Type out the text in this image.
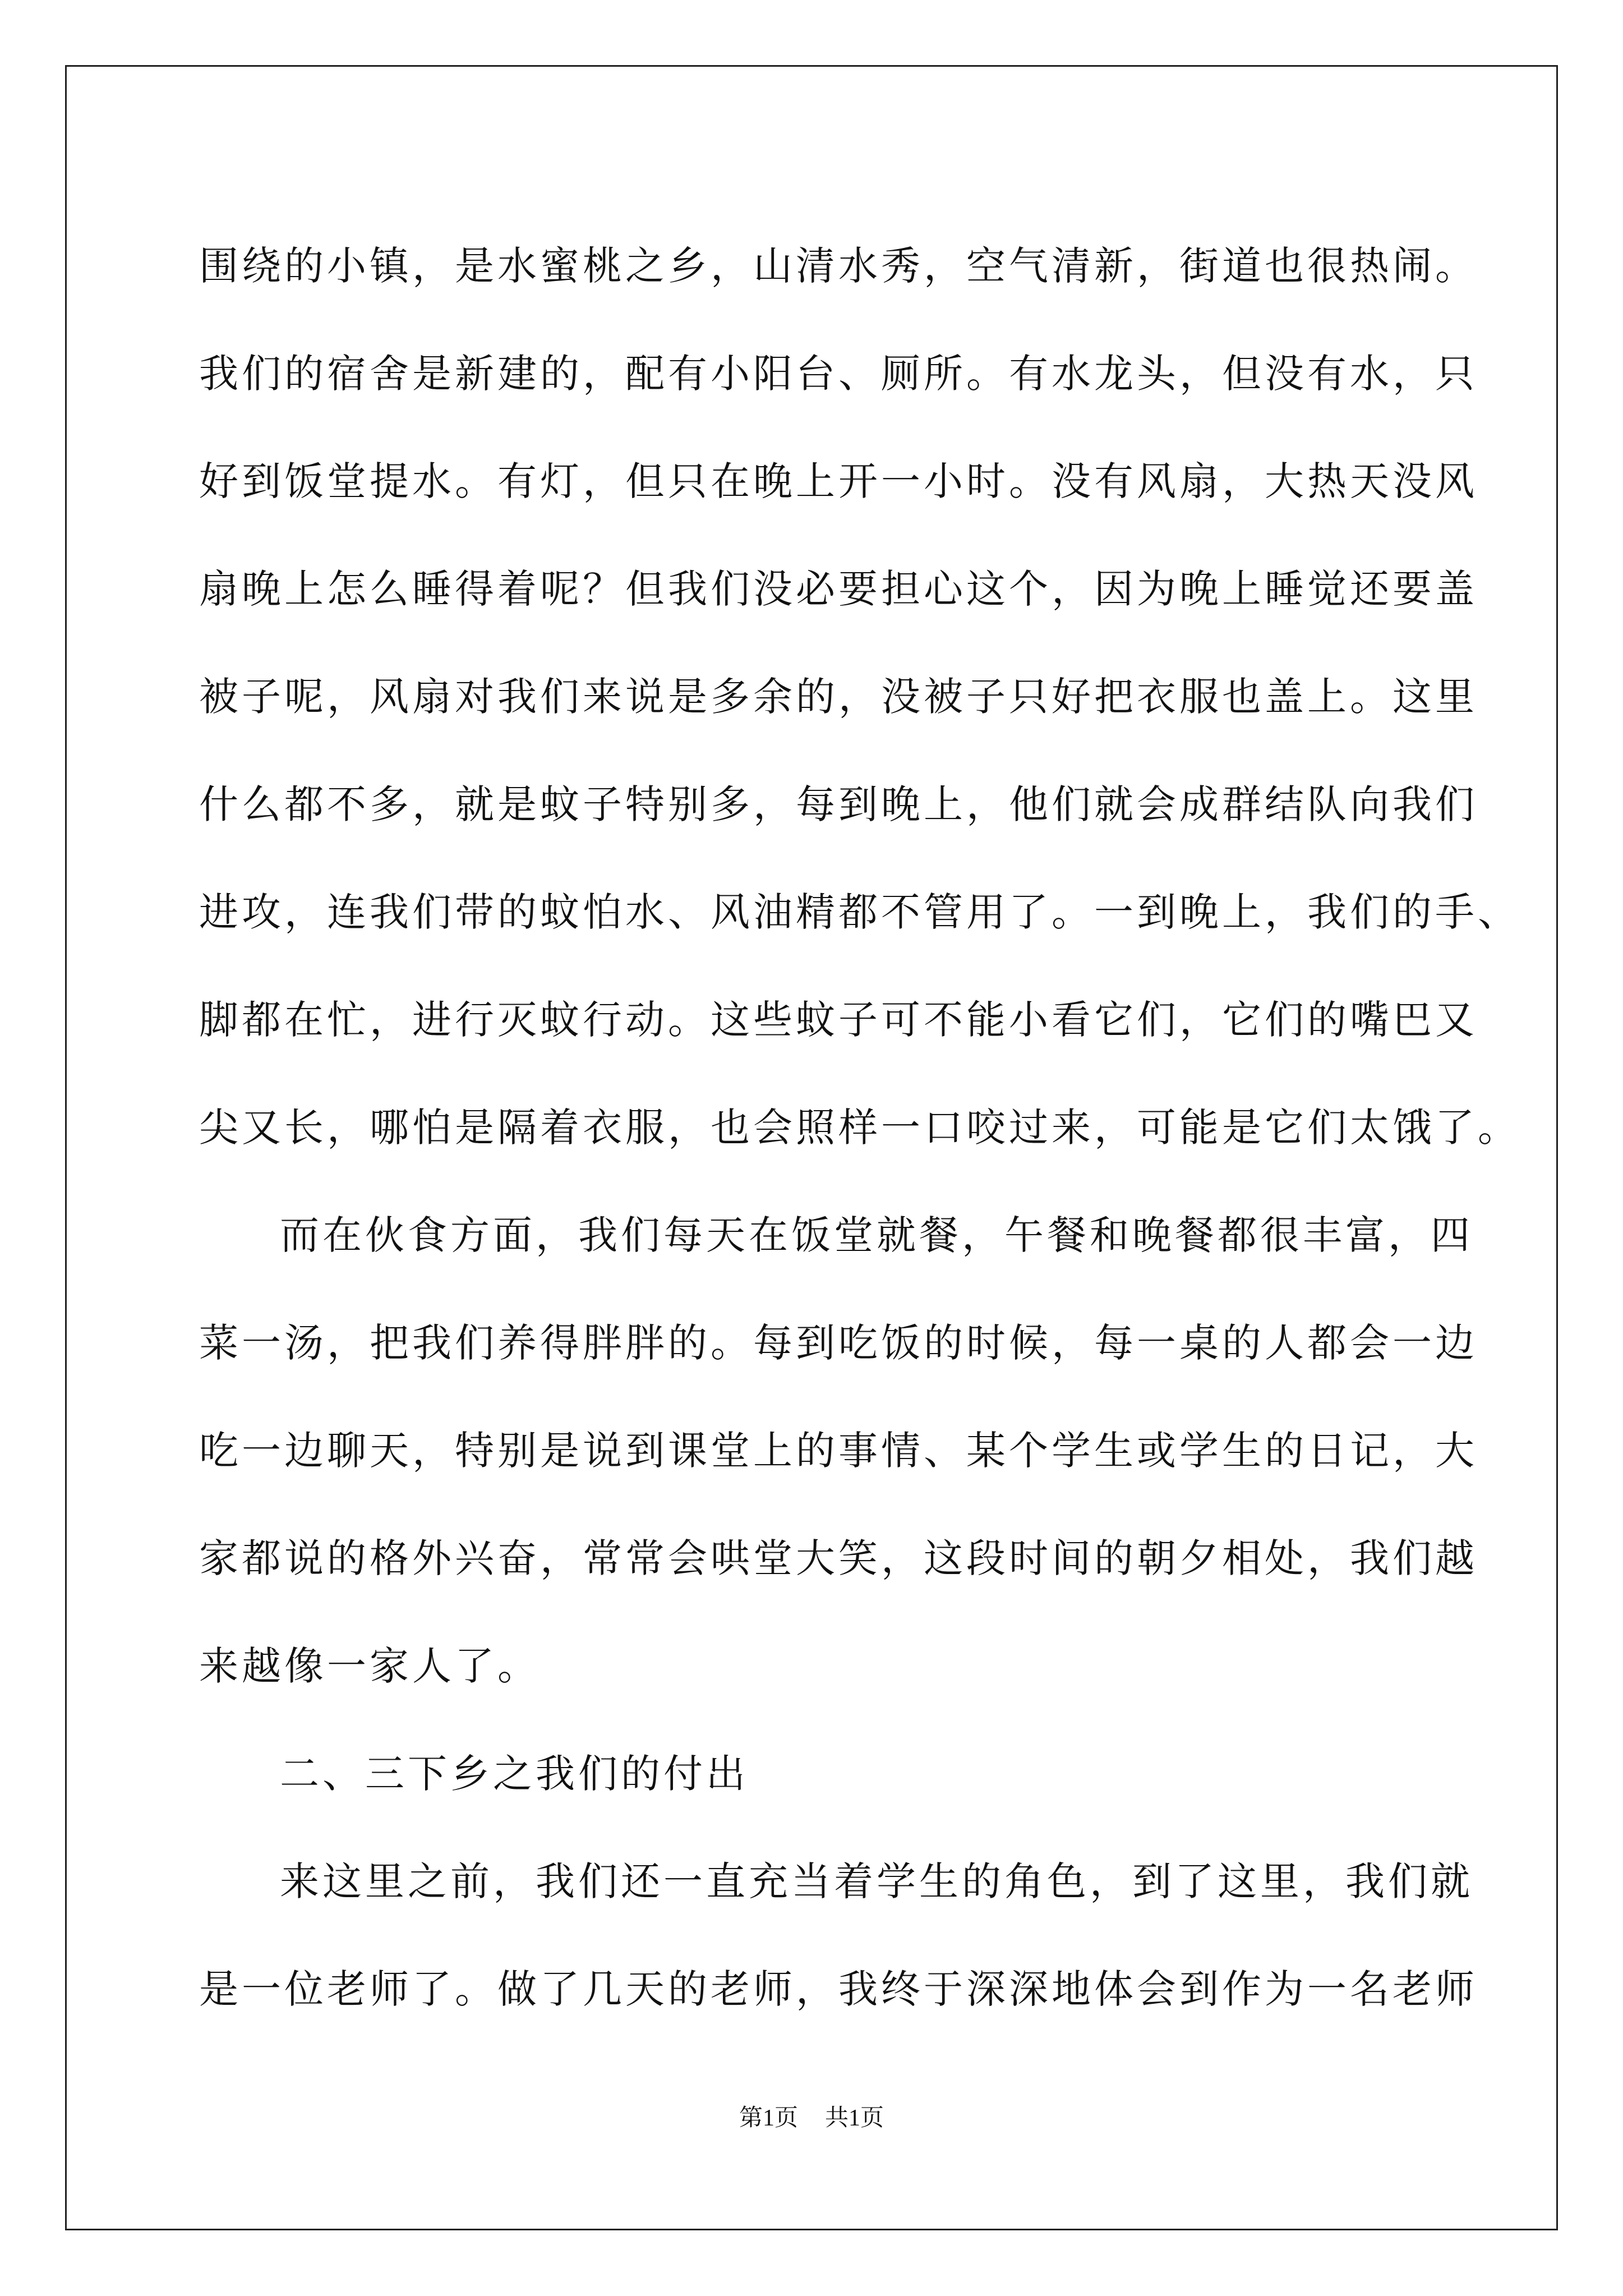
围绕的小镇，是水蜜桃之乡，山清水秀，空气清新，街道也很热闹。
我们的宿舍是新建的，配有小阳台、厕所。有水龙头，但没有水，只
好到饭堂提水。有灯，但只在晚上开一小时。没有风扇，大热天没风
扇晚上怎么睡得着呢？但我们没必要担心这个，因为晚上睡觉还要盖
被子呢，风扇对我们来说是多余的，没被子只好把衣服也盖上。这里
什么都不多，就是蚊子特别多，每到晚上，他们就会成群结队向我们
进攻，连我们带的蚊怕水、风油精都不管用了。一到晚上，我们的手、
脚都在忙，进行灭蚊行动。这些蚊子可不能小看它们，它们的嘴巴又
尖又长，哪怕是隔着衣服，也会照样一口咬过来，可能是它们太饿了。
而在伙食方面，我们每天在饭堂就餐，午餐和晚餐都很丰富，四
菜一汤，把我们养得胖胖的。每到吃饭的时候，每一桌的人都会一边
吃一边聊天，特别是说到课堂上的事情、某个学生或学生的日记，大
家都说的格外兴奋，常常会哄堂大笑，这段时间的朝夕相处，我们越
来越像一家人了。
二、三下乡之我们的付出
来这里之前，我们还一直充当着学生的角色，到了这里，我们就
是一位老师了。做了几天的老师，我终于深深地体会到作为一名老师
第1页 共1页
